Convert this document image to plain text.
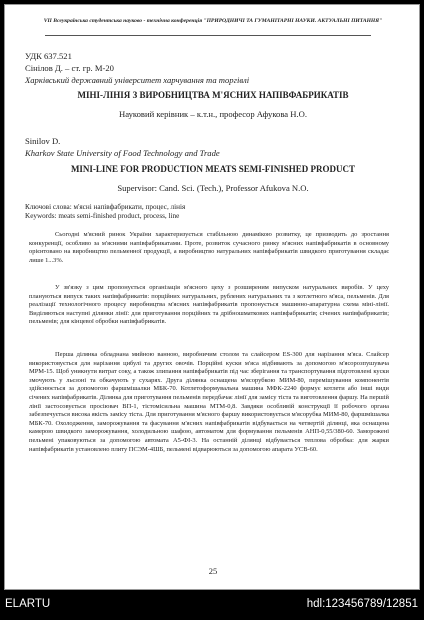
VII Всеукраїнська студентська науково - технічна конференція "ПРИРОДНИЧІ ТА ГУМАНІТАРНІ НАУКИ. АКТУАЛЬНІ ПИТАННЯ"
УДК 637.521
Сінілов Д. – ст. гр. М-20
Харківський державний університет харчування та торгівлі
МІНІ-ЛІНІЯ З ВИРОБНИЦТВА М'ЯСНИХ НАПІВФАБРИКАТІВ
Науковий керівник – к.т.н., професор Афукова Н.О.
Sinilov D.
Kharkov State University of Food Technology and Trade
MINI-LINE FOR PRODUCTION MEATS SEMI-FINISHED PRODUCT
Supervisor: Cand. Sci. (Tech.), Professor Afukova N.O.
Ключові слова: м'ясні напівфабрикати, процес, лінія
Keywords: meats semi-finished product, process, line
Сьогодні м'ясний ринок України характеризується стабільною динамікою розвитку, це призводить до зростання конкуренції, особливо за м'ясними напівфабрикатами. Проте, розвиток сучасного ринку м'ясних напівфабрикатів в основному орієнтовано на виробництво пельменної продукції, а виробництво натуральних напівфабрикатів швидкого приготування складає лише 1...3%.
У зв'язку з цим пропонується організація м'ясного цеху з розширеним випуском натуральних виробів. У цеху плануються випуск таких напівфабрикатів: порційних натуральних, рублених натуральних та з котлетного м'яса, пельменів. Для реалізації технологічного процесу виробництва м'ясних напівфабрикатів пропонується машинно-апаратурна схема міні-лінії. Виділяються наступні ділянки лінії: для приготування порційних та дрібношматкових напівфабрикатів; січених напівфабрикатів; пельменів; для кінцевої обробки напівфабрикатів.
Перша ділянка обладнана мийною ванною, виробничим столом та слайсером ES-300 для нарізання м'яса. Слайсер використовується для нарізання цибулі та других овочів. Порційні куски м'яса відбивають за допомогою м'ясорозпушувача МРМ-15. Щоб уникнути витрат соку, а також злипання напівфабрикатів під час зберігання та транспортування підготовлені куски змочують у льєзоні та обкачують у сухарях. Друга ділянка оснащена м'ясорубкою МИМ-80, перемішування компонентів здійснюється за допомогою фаршмішалки МБК-70. Котлетоформувальна машина МФК-2240 формує котлети або інші види січених напівфабрикатів. Ділянка для приготування пельменів передбачає лінії для замісу тіста та виготовлення фаршу. На першій лінії застосовується просіювач ВП-1, тістомісильна машина МТМ-0,8. Завдяки особливій конструкції її робочого органа забезпечується висока якість замісу тіста. Для приготування м'ясного фаршу використовується м'ясорубка МИМ-80, фаршмішалка МБК-70. Охолодження, заморожування та фасування м'ясних напівфабрикатів відбувається на четвертій ділянці, яка оснащена камерою швидкого заморожування, холодильною шафою, автоматом для формування пельменів АНП-0,55/380-60. Заморожені пельмені упаковуються за допомогою автомата А5-ФІ-3. На останній ділянці відбувається теплова обробка: для жарки напівфабрикатів установлено плиту ПСЭМ-4ШБ, пельмені відварюються за допомогою апарата УСВ-60.
25
ELARTU	hdl:123456789/12851
